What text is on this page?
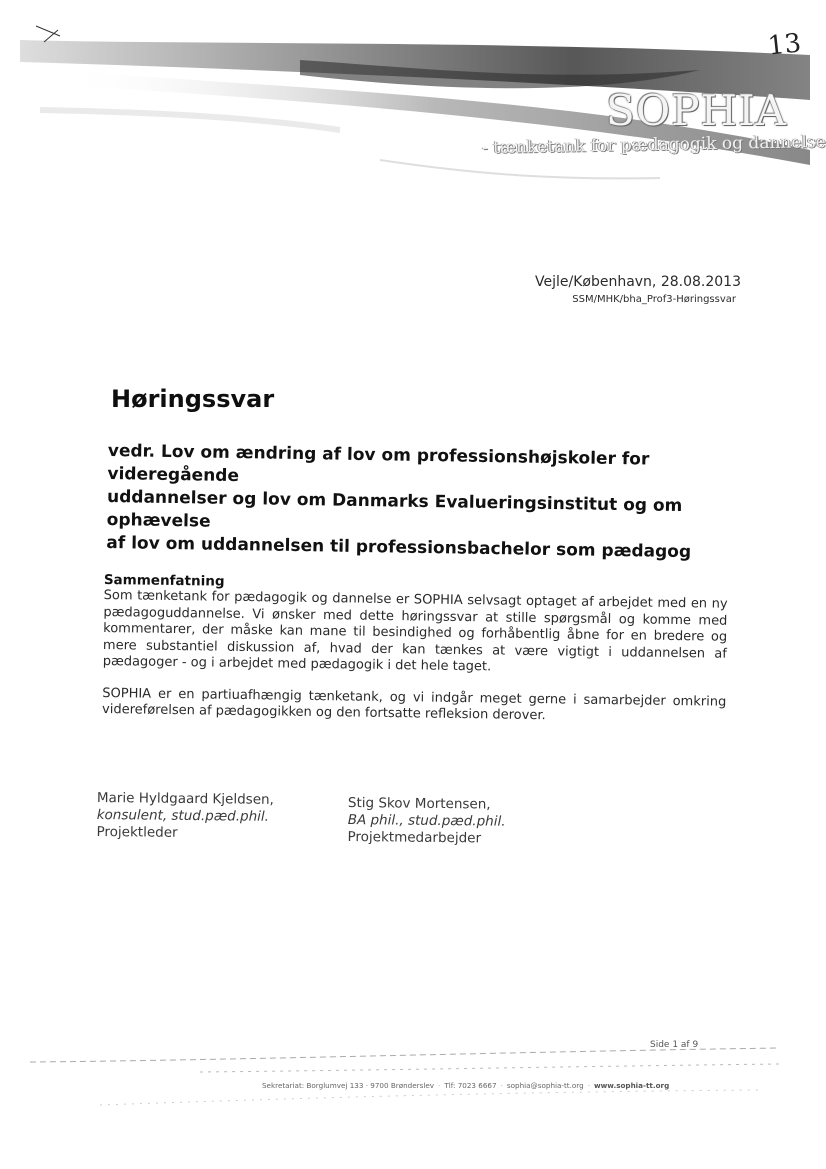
13
SOPHIA
- tænketank for pædagogik og dannelse
Vejle/København, 28.08.2013
SSM/MHK/bha_Prof3-Høringssvar
Høringssvar
vedr. Lov om ændring af lov om professionshøjskoler for videregående
uddannelser og lov om Danmarks Evalueringsinstitut og om ophævelse
af lov om uddannelsen til professionsbachelor som pædagog
Sammenfatning

Som tænketank for pædagogik og dannelse er SOPHIA selvsagt optaget af arbejdet med en ny pædagoguddannelse. Vi ønsker med dette høringssvar at stille spørgsmål og komme med kommentarer, der måske kan mane til besindighed og forhåbentlig åbne for en bredere og mere substantiel diskussion af, hvad der kan tænkes at være vigtigt i uddannelsen af pædagoger - og i arbejdet med pædagogik i det hele taget.

SOPHIA er en partiuafhængig tænketank, og vi indgår meget gerne i samarbejder omkring videreførelsen af pædagogikken og den fortsatte refleksion derover.

Marie Hyldgaard Kjeldsen,
konsulent, stud.pæd.phil.
Projektleder
Stig Skov Mortensen,
BA phil., stud.pæd.phil.
Projektmedarbejder
Side 1 af 9
Sekretariat: Borglumvej 133 · 9700 Brønderslev · Tlf: 7023 6667 · sophia@sophia-tt.org · www.sophia-tt.org
